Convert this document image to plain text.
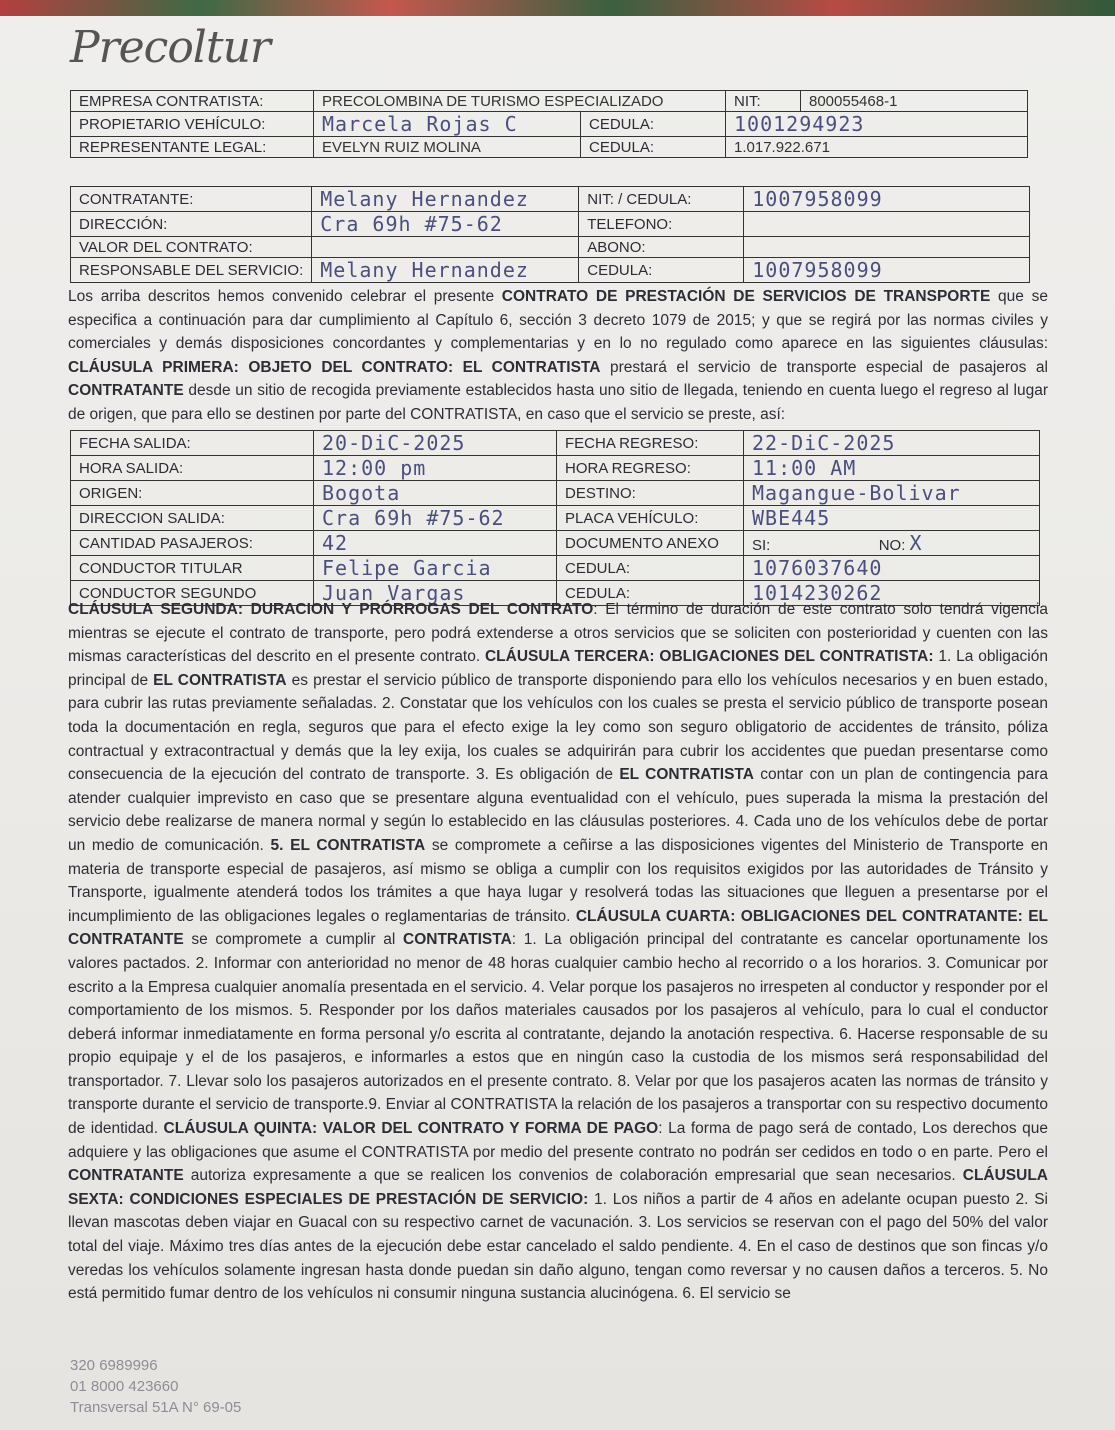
Precoltur
EMPRESA CONTRATISTA:	PRECOLOMBINA DE TURISMO ESPECIALIZADO		NIT:	800055468-1
PROPIETARIO VEHÍCULO:	Marcela Rojas C	CEDULA:	1001294923	
REPRESENTANTE LEGAL:	EVELYN RUIZ MOLINA	CEDULA:	1.017.922.671	
CONTRATANTE:	Melany Hernandez	NIT: / CEDULA:	1007958099
DIRECCIÓN:	Cra 69h #75-62	TELEFONO:	
VALOR DEL CONTRATO:		ABONO:	
RESPONSABLE DEL SERVICIO:	Melany Hernandez	CEDULA:	1007958099
Los arriba descritos hemos convenido celebrar el presente CONTRATO DE PRESTACIÓN DE SERVICIOS DE TRANSPORTE que se especifica a continuación para dar cumplimiento al Capítulo 6, sección 3 decreto 1079 de 2015; y que se regirá por las normas civiles y comerciales y demás disposiciones concordantes y complementarias y en lo no regulado como aparece en las siguientes cláusulas: CLÁUSULA PRIMERA: OBJETO DEL CONTRATO: EL CONTRATISTA prestará el servicio de transporte especial de pasajeros al CONTRATANTE desde un sitio de recogida previamente establecidos hasta uno sitio de llegada, teniendo en cuenta luego el regreso al lugar de origen, que para ello se destinen por parte del CONTRATISTA, en caso que el servicio se preste, así:
FECHA SALIDA:	20-DiC-2025	FECHA REGRESO:	22-DiC-2025
HORA SALIDA:	12:00 pm	HORA REGRESO:	11:00 AM
ORIGEN:	Bogota	DESTINO:	Magangue-Bolivar
DIRECCION SALIDA:	Cra 69h #75-62	PLACA VEHÍCULO:	WBE445
CANTIDAD PASAJEROS:	42	DOCUMENTO ANEXO	SI: NO: X
CONDUCTOR TITULAR	Felipe Garcia	CEDULA:	1076037640
CONDUCTOR SEGUNDO	Juan Vargas	CEDULA:	1014230262
CLÁUSULA SEGUNDA: DURACION Y PRÓRROGAS DEL CONTRATO: El término de duración de este contrato solo tendrá vigencia mientras se ejecute el contrato de transporte, pero podrá extenderse a otros servicios que se soliciten con posterioridad y cuenten con las mismas características del descrito en el presente contrato. CLÁUSULA TERCERA: OBLIGACIONES DEL CONTRATISTA: 1. La obligación principal de EL CONTRATISTA es prestar el servicio público de transporte disponiendo para ello los vehículos necesarios y en buen estado, para cubrir las rutas previamente señaladas. 2. Constatar que los vehículos con los cuales se presta el servicio público de transporte posean toda la documentación en regla, seguros que para el efecto exige la ley como son seguro obligatorio de accidentes de tránsito, póliza contractual y extracontractual y demás que la ley exija, los cuales se adquirirán para cubrir los accidentes que puedan presentarse como consecuencia de la ejecución del contrato de transporte. 3. Es obligación de EL CONTRATISTA contar con un plan de contingencia para atender cualquier imprevisto en caso que se presentare alguna eventualidad con el vehículo, pues superada la misma la prestación del servicio debe realizarse de manera normal y según lo establecido en las cláusulas posteriores. 4. Cada uno de los vehículos debe de portar un medio de comunicación. 5. EL CONTRATISTA se compromete a ceñirse a las disposiciones vigentes del Ministerio de Transporte en materia de transporte especial de pasajeros, así mismo se obliga a cumplir con los requisitos exigidos por las autoridades de Tránsito y Transporte, igualmente atenderá todos los trámites a que haya lugar y resolverá todas las situaciones que lleguen a presentarse por el incumplimiento de las obligaciones legales o reglamentarias de tránsito. CLÁUSULA CUARTA: OBLIGACIONES DEL CONTRATANTE: EL CONTRATANTE se compromete a cumplir al CONTRATISTA: 1. La obligación principal del contratante es cancelar oportunamente los valores pactados. 2. Informar con anterioridad no menor de 48 horas cualquier cambio hecho al recorrido o a los horarios. 3. Comunicar por escrito a la Empresa cualquier anomalía presentada en el servicio. 4. Velar porque los pasajeros no irrespeten al conductor y responder por el comportamiento de los mismos. 5. Responder por los daños materiales causados por los pasajeros al vehículo, para lo cual el conductor deberá informar inmediatamente en forma personal y/o escrita al contratante, dejando la anotación respectiva. 6. Hacerse responsable de su propio equipaje y el de los pasajeros, e informarles a estos que en ningún caso la custodia de los mismos será responsabilidad del transportador. 7. Llevar solo los pasajeros autorizados en el presente contrato. 8. Velar por que los pasajeros acaten las normas de tránsito y transporte durante el servicio de transporte.9. Enviar al CONTRATISTA la relación de los pasajeros a transportar con su respectivo documento de identidad. CLÁUSULA QUINTA: VALOR DEL CONTRATO Y FORMA DE PAGO: La forma de pago será de contado, Los derechos que adquiere y las obligaciones que asume el CONTRATISTA por medio del presente contrato no podrán ser cedidos en todo o en parte. Pero el CONTRATANTE autoriza expresamente a que se realicen los convenios de colaboración empresarial que sean necesarios. CLÁUSULA SEXTA: CONDICIONES ESPECIALES DE PRESTACIÓN DE SERVICIO: 1. Los niños a partir de 4 años en adelante ocupan puesto 2. Si llevan mascotas deben viajar en Guacal con su respectivo carnet de vacunación. 3. Los servicios se reservan con el pago del 50% del valor total del viaje. Máximo tres días antes de la ejecución debe estar cancelado el saldo pendiente. 4. En el caso de destinos que son fincas y/o veredas los vehículos solamente ingresan hasta donde puedan sin daño alguno, tengan como reversar y no causen daños a terceros. 5. No está permitido fumar dentro de los vehículos ni consumir ninguna sustancia alucinógena. 6. El servicio se
320 6989996
01 8000 423660
Transversal 51A N° 69-05
